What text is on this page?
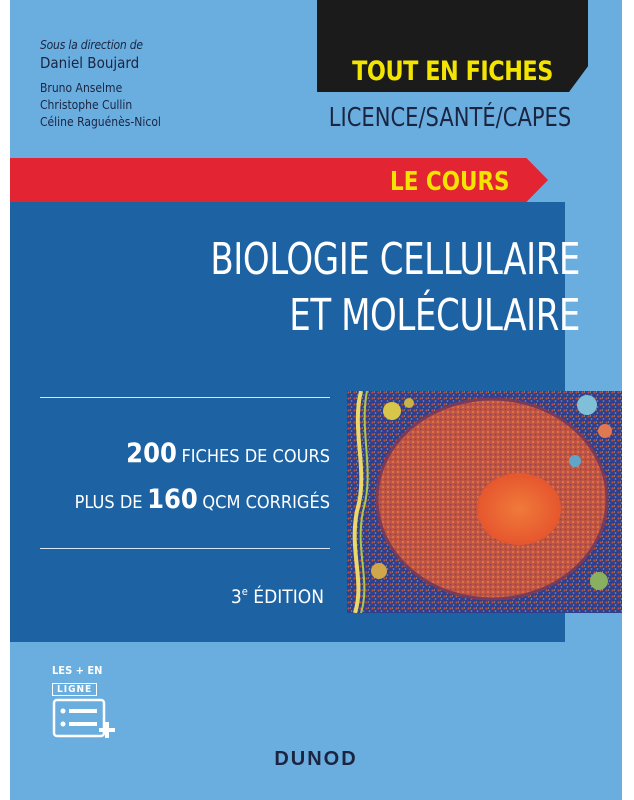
Sous la direction de
Daniel Boujard
Bruno Anselme
Christophe Cullin
Céline Raguénès-Nicol
TOUT EN FICHES
LICENCE/SANTÉ/CAPES
LE COURS
BIOLOGIE CELLULAIRE
ET MOLÉCULAIRE
200 FICHES DE COURS
PLUS DE 160 QCM CORRIGÉS
3e ÉDITION
LES + EN
LIGNE
DUNOD
